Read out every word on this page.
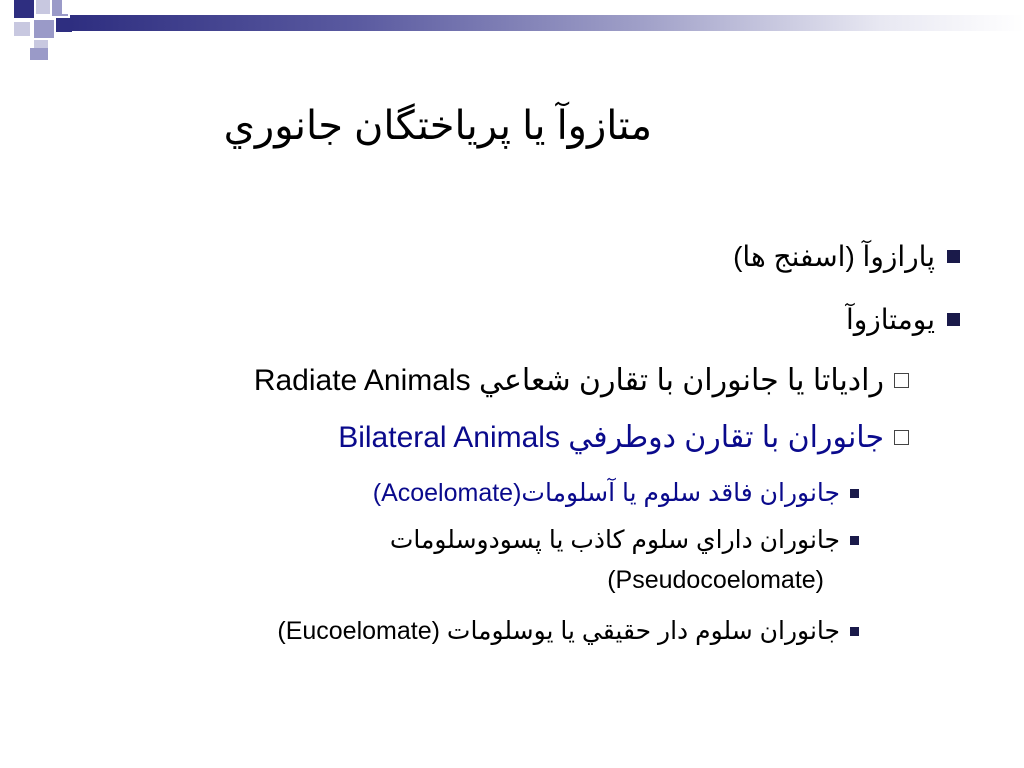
متازوآ يا پرياختگان جانوري
پارازوآ (اسفنج ها)
يومتازوآ
رادياتا يا جانوران با تقارن شعاعي Radiate Animals
جانوران با تقارن دوطرفي Bilateral Animals
جانوران فاقد سلوم يا آسلومات(Acoelomate)
جانوران داراي سلوم كاذب يا پسودوسلومات
(Pseudocoelomate)
جانوران سلوم دار حقيقي يا يوسلومات (Eucoelomate)
